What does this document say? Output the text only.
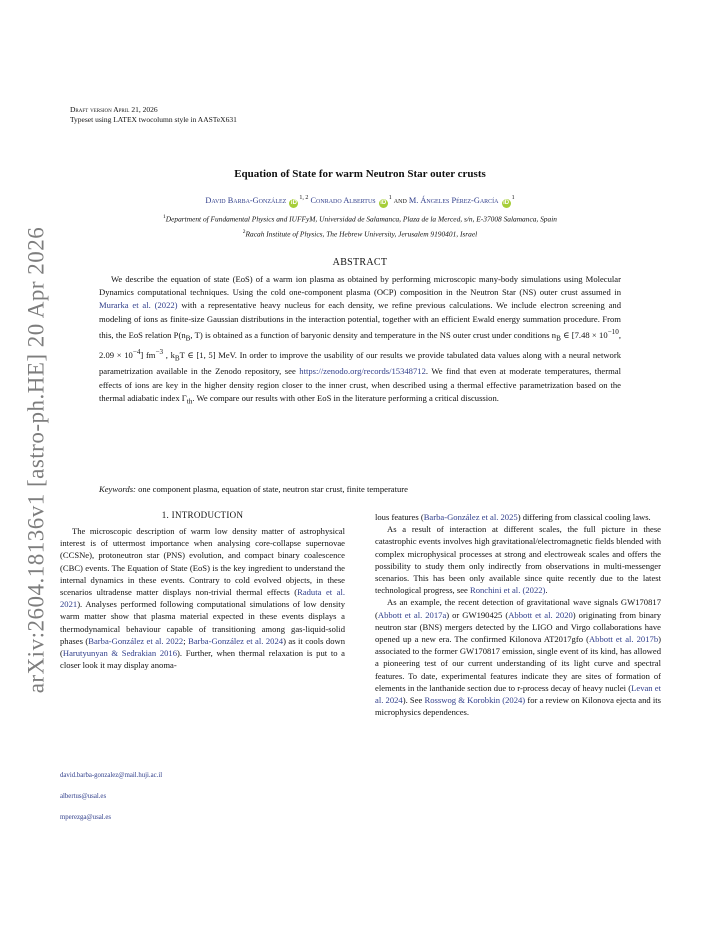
arXiv:2604.18136v1 [astro-ph.HE] 20 Apr 2026
Draft version April 21, 2026
Typeset using LATEX twocolumn style in AASTeX631
Equation of State for warm Neutron Star outer crusts
David Barba-González iD$^{1, 2}$ Conrado Albertus $iD^1$ and M. Ángeles Pérez-García $iD^1$
$^1$Department of Fundamental Physics and IUFFyM, Universidad de Salamanca, Plaza de la Merced, s/n, E-37008 Salamanca, Spain
$^2$Racah Institute of Physics, The Hebrew University, Jerusalem 9190401, Israel
ABSTRACT
We describe the equation of state (EoS) of a warm ion plasma as obtained by performing microscopic many-body simulations using Molecular Dynamics computational techniques. Using the cold one-component plasma (OCP) composition in the Neutron Star (NS) outer crust assumed in Murarka et al. (2022) with a representative heavy nucleus for each density, we refine previous calculations. We include electron screening and modeling of ions as finite-size Gaussian distributions in the interaction potential, together with an efficient Ewald energy summation procedure. From this, the EoS relation $P(n_B$, T) is obtained as a function of baryonic density and temperature in the NS outer crust under conditions $n_B$ ∈ [$7.48 \times 10^{-10}$, $2.09 \times 10^{-4}$] $fm^{-3}$ , $k_BT$ ∈ [1, 5] MeV. In order to improve the usability of our results we provide tabulated data values along with a neural network parametrization available in the Zenodo repository, see https://zenodo.org/records/15348712. We find that even at moderate temperatures, thermal effects of ions are key in the higher density region closer to the inner crust, when described using a thermal effective parametrization based on the thermal adiabatic index $\Gamma_{th}$. We compare our results with other EoS in the literature performing a critical discussion.
Keywords: one component plasma, equation of state, neutron star crust, finite temperature
1. INTRODUCTION

The microscopic description of warm low density matter of astrophysical interest is of uttermost importance when analysing core-collapse supernovae (CCSNe), protoneutron star (PNS) evolution, and compact binary coalescence (CBC) events. The Equation of State (EoS) is the key ingredient to understand the internal dynamics in these events. Contrary to cold evolved objects, in these scenarios ultradense matter displays non-trivial thermal effects (Raduta et al. 2021). Analyses performed following computational simulations of low density warm matter show that plasma material expected in these events displays a thermodynamical behaviour capable of transitioning among gas-liquid-solid phases (Barba-González et al. 2022; Barba-González et al. 2024) as it cools down (Harutyunyan & Sedrakian 2016). Further, when thermal relaxation is put to a closer look it may display anoma-

david.barba-gonzalez@mail.huji.ac.il
albertus@usal.es
mperezga@usal.es

lous features (Barba-González et al. 2025) differing from classical cooling laws.

As a result of interaction at different scales, the full picture in these catastrophic events involves high gravitational/electromagnetic fields blended with complex microphysical processes at strong and electroweak scales and offers the possibility to study them only indirectly from observations in multi-messenger scenarios. This has been only available since quite recently due to the latest technological progress, see Ronchini et al. (2022).

As an example, the recent detection of gravitational wave signals GW170817 (Abbott et al. 2017a) or GW190425 (Abbott et al. 2020) originating from binary neutron star (BNS) mergers detected by the LIGO and Virgo collaborations have opened up a new era. The confirmed Kilonova AT2017gfo (Abbott et al. 2017b) associated to the former GW170817 emission, single event of its kind, has allowed a pioneering test of our current understanding of its light curve and spectral features. To date, experimental features indicate they are sites of formation of elements in the lanthanide section due to r-process decay of heavy nuclei (Levan et al. 2024). See Rosswog & Korobkin (2024) for a review on Kilonova ejecta and its microphysics dependences.
